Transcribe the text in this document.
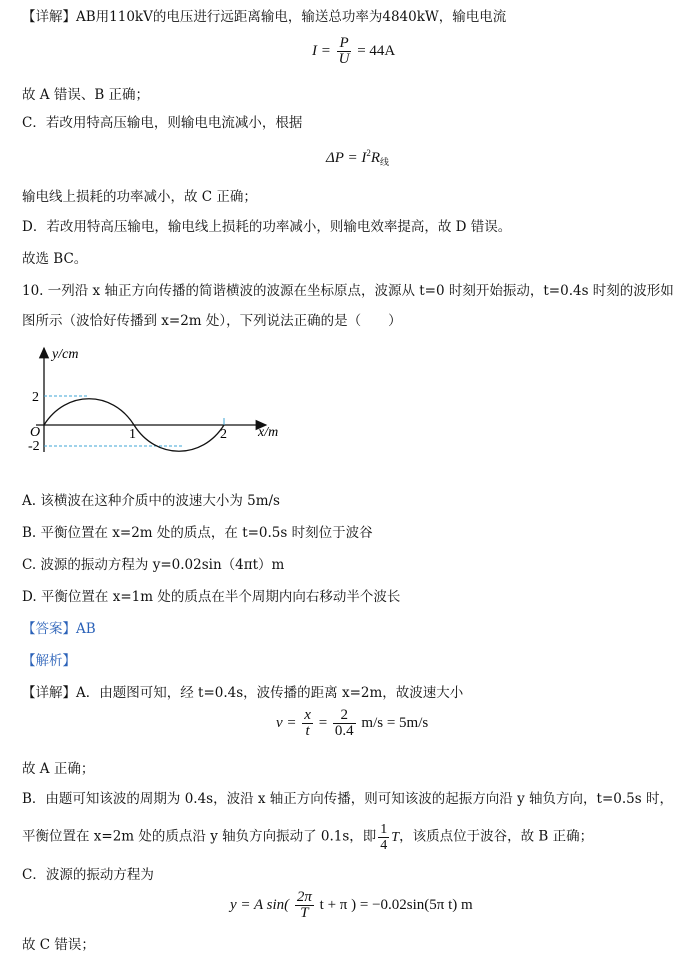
【详解】AB用110kV的电压进行远距离输电，输送总功率为4840kW，输电电流
$I = \frac{P}{U} = 44A$
故 A 错误、B 正确；
C．若改用特高压输电，则输电电流减小，根据
$\Delta P = I^2R_线$
输电线上损耗的功率减小，故 C 正确；
D．若改用特高压输电，输电线上损耗的功率减小，则输电效率提高，故 D 错误。
故选 BC。
10. 一列沿 x 轴正方向传播的简谐横波的波源在坐标原点，波源从 t=0 时刻开始振动，t=0.4s 时刻的波形如
图所示（波恰好传播到 x=2m 处），下列说法正确的是（　　）
y/cm
x/m
O	1	2
2
-2
A. 该横波在这种介质中的波速大小为 5m/s
B. 平衡位置在 x=2m 处的质点，在 t=0.5s 时刻位于波谷
C. 波源的振动方程为 y=0.02sin（4πt）m
D. 平衡位置在 x=1m 处的质点在半个周期内向右移动半个波长
【答案】AB
【解析】
【详解】A．由题图可知，经 t=0.4s，波传播的距离 x=2m，故波速大小
$v = \frac{x}{t} = \frac{2}{0.4} m/s = 5m/s$
故 A 正确；
B．由题可知该波的周期为 0.4s，波沿 x 轴正方向传播，则可知该波的起振方向沿 y 轴负方向，t=0.5s 时，
平衡位置在 x=2m 处的质点沿 y 轴负方向振动了 0.1s，即 $\frac{1}{4}$ T，该质点位于波谷，故 B 正确；
C．波源的振动方程为
y = A $\sin( \frac{2\pi}{T}$ t + π ) = −0.02sin(5π t) m
故 C 错误；
